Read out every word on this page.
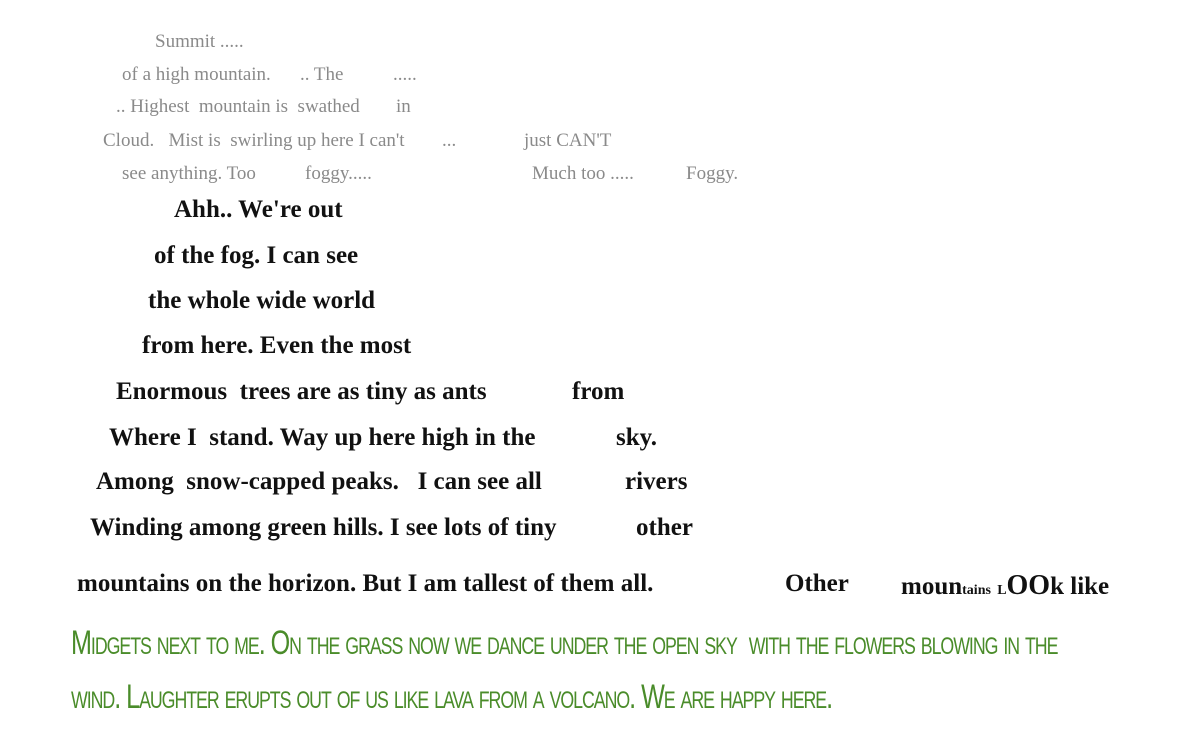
Summit .....
of a high mountain. .. The	.....
.. Highest  mountain is  swathed in
Cloud.   Mist is  swirling up here I can't ...	just CAN'T
see anything. Too	foggy.....	Much too .....	Foggy.
Ahh.. We're out
of the fog. I can see
the whole wide world
from here. Even the most
Enormous  trees are as tiny as ants	from
Where I  stand. Way up here high in the	sky.
Among  snow-capped peaks.   I can see all	rivers
Winding among green hills. I see lots of tiny	other
mountains on the horizon. But I am tallest of them all.	Other mountains LOOk like
Midgets next to me. On the grass now we dance under the open sky  with the flowers blowing in the
wind. Laughter erupts out of us like lava from a volcano. We are happy here.
